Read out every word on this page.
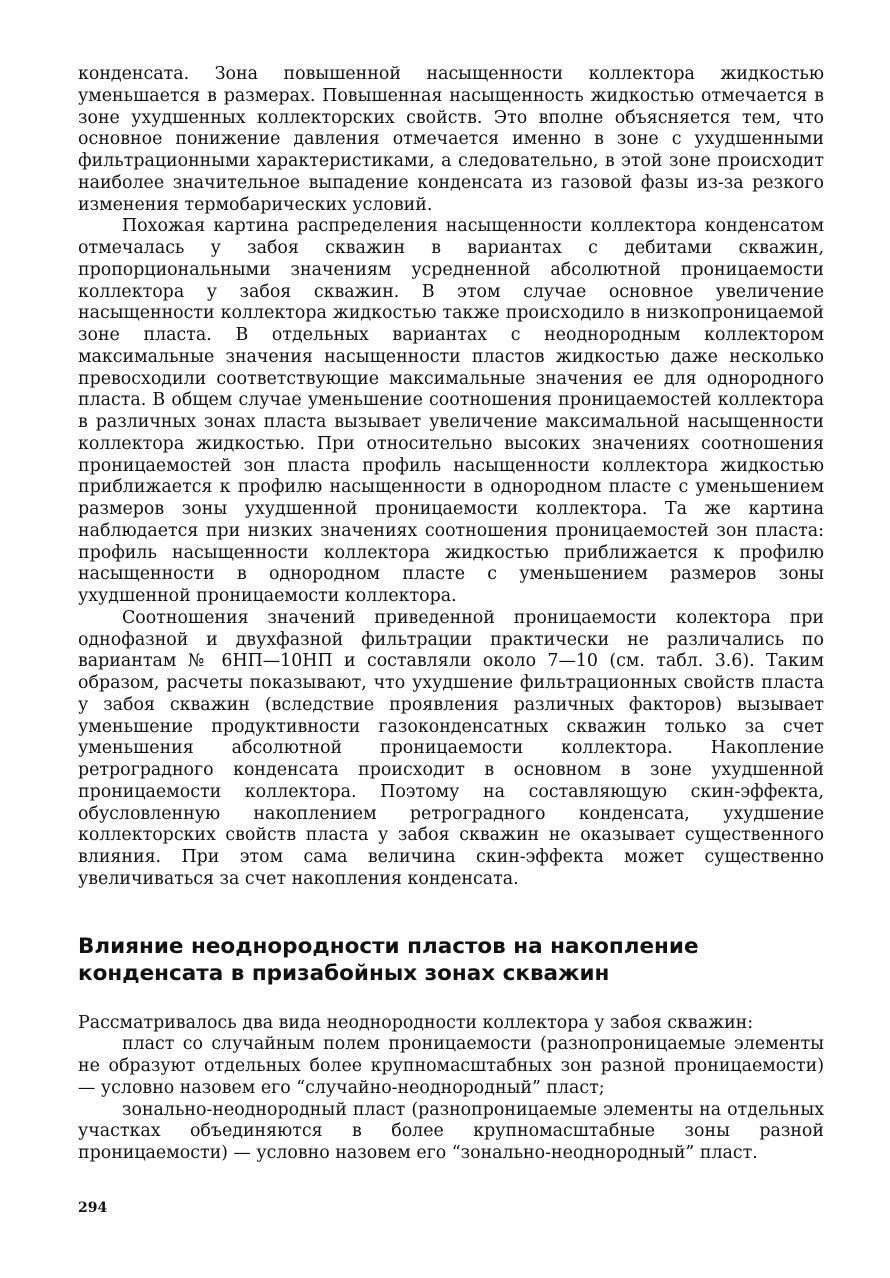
конденсата. Зона повышенной насыщенности коллектора жидкостью уменьшается в размерах. Повышенная насыщенность жидкостью отмечается в зоне ухудшенных коллекторских свойств. Это вполне объясняется тем, что основное понижение давления отмечается именно в зоне с ухудшенными фильтрационными характеристиками, а следовательно, в этой зоне происходит наиболее значительное выпадение конденсата из газовой фазы из-за резкого изменения термобарических условий.

Похожая картина распределения насыщенности коллектора конденсатом отмечалась у забоя скважин в вариантах с дебитами скважин, пропорциональными значениям усредненной абсолютной проницаемости коллектора у забоя скважин. В этом случае основное увеличение насыщенности коллектора жидкостью также происходило в низкопроницаемой зоне пласта. В отдельных вариантах с неоднородным коллектором максимальные значения насыщенности пластов жидкостью даже несколько превосходили соответствующие максимальные значения ее для однородного пласта. В общем случае уменьшение соотношения проницаемостей коллектора в различных зонах пласта вызывает увеличение максимальной насыщенности коллектора жидкостью. При относительно высоких значениях соотношения проницаемостей зон пласта профиль насыщенности коллектора жидкостью приближается к профилю насыщенности в однородном пласте с уменьшением размеров зоны ухудшенной проницаемости коллектора. Та же картина наблюдается при низких значениях соотношения проницаемостей зон пласта: профиль насыщенности коллектора жидкостью приближается к профилю насыщенности в однородном пласте с уменьшением размеров зоны ухудшенной проницаемости коллектора.

Соотношения значений приведенной проницаемости колектора при однофазной и двухфазной фильтрации практически не различались по вариантам № 6НП—10НП и составляли около 7—10 (см. табл. 3.6). Таким образом, расчеты показывают, что ухудшение фильтрационных свойств пласта у забоя скважин (вследствие проявления различных факторов) вызывает уменьшение продуктивности газоконденсатных скважин только за счет уменьшения абсолютной проницаемости коллектора. Накопление ретроградного конденсата происходит в основном в зоне ухудшенной проницаемости коллектора. Поэтому на составляющую скин-эффекта, обусловленную накоплением ретроградного конденсата, ухудшение коллекторских свойств пласта у забоя скважин не оказывает существенного влияния. При этом сама величина скин-эффекта может существенно увеличиваться за счет накопления конденсата.

Влияние неоднородности пластов на накопление конденсата в призабойных зонах скважин

Рассматривалось два вида неоднородности коллектора у забоя скважин:

пласт со случайным полем проницаемости (разнопроницаемые элементы не образуют отдельных более крупномасштабных зон разной проницаемости) — условно назовем его “случайно-неоднородный” пласт;

зонально-неоднородный пласт (разнопроницаемые элементы на отдельных участках объединяются в более крупномасштабные зоны разной проницаемости) — условно назовем его “зонально-неоднородный” пласт.

294
